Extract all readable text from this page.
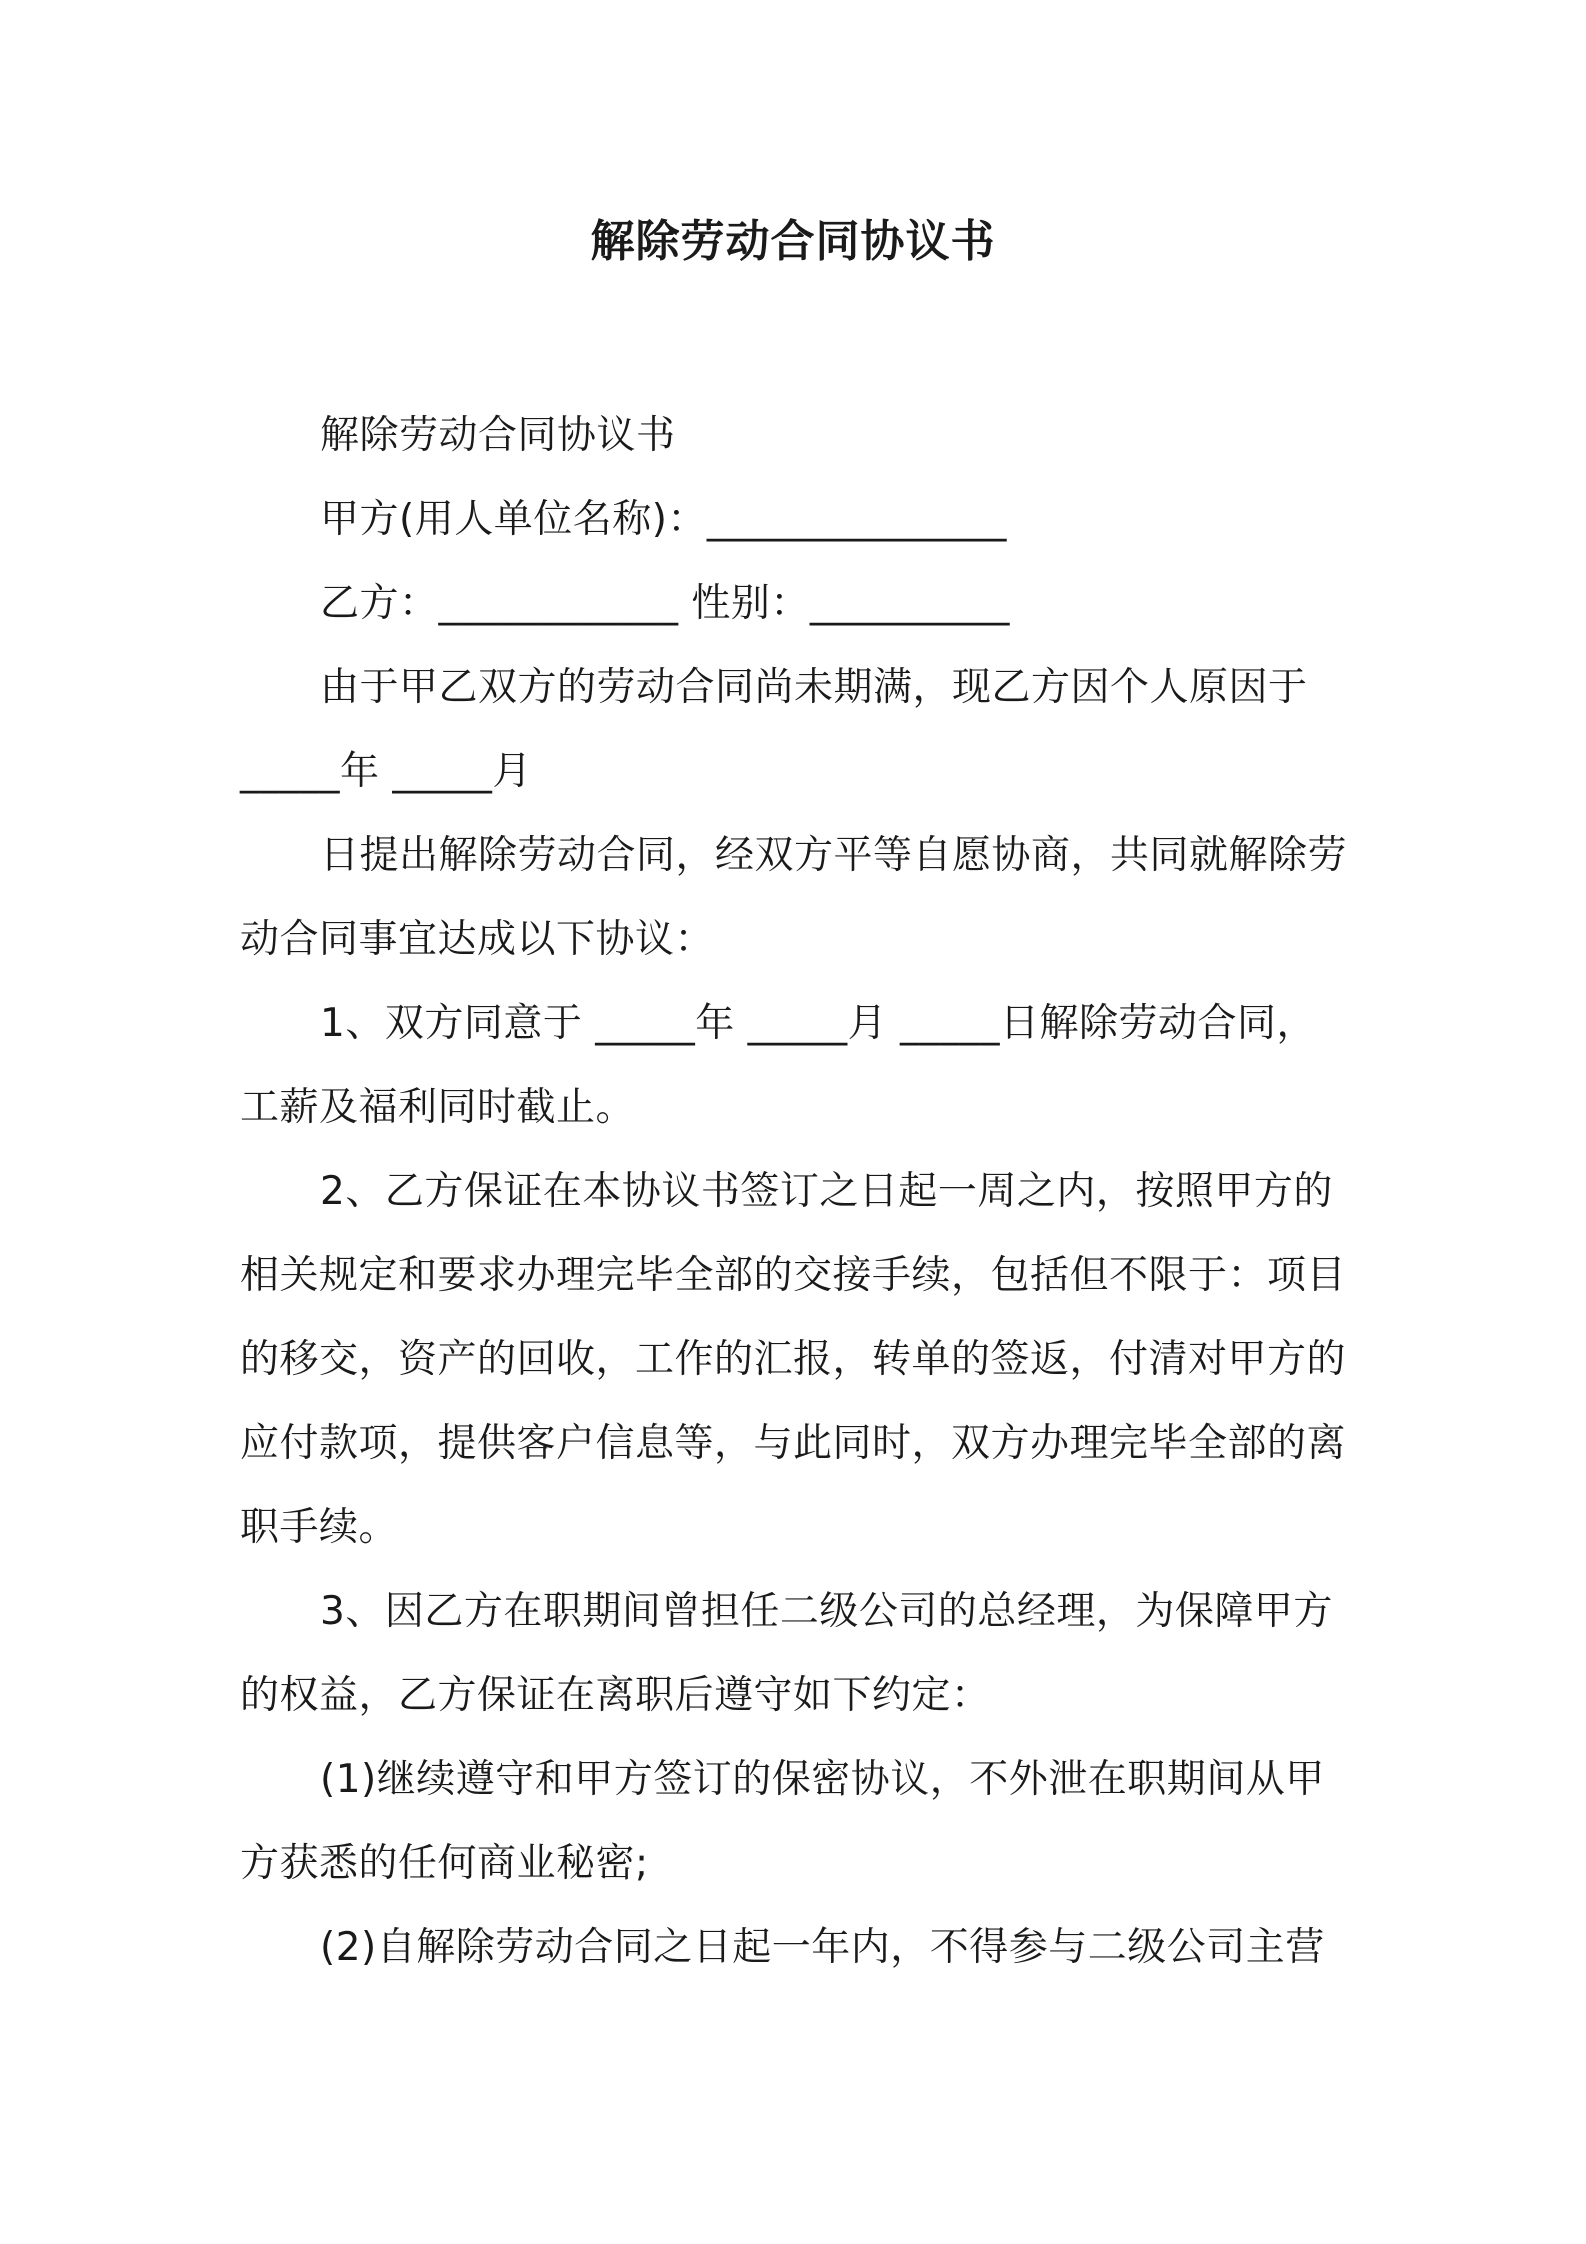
解除劳动合同协议书
解除劳动合同协议书
甲方(用人单位名称)：_______________
乙方：____________ 性别：__________
由于甲乙双方的劳动合同尚未期满，现乙方因个人原因于
_____年 _____月
日提出解除劳动合同，经双方平等自愿协商，共同就解除劳
动合同事宜达成以下协议：
1、双方同意于 _____年 _____月 _____日解除劳动合同，
工薪及福利同时截止。
2、乙方保证在本协议书签订之日起一周之内，按照甲方的
相关规定和要求办理完毕全部的交接手续，包括但不限于：项目
的移交，资产的回收，工作的汇报，转单的签返，付清对甲方的
应付款项，提供客户信息等，与此同时，双方办理完毕全部的离
职手续。
3、因乙方在职期间曾担任二级公司的总经理，为保障甲方
的权益，乙方保证在离职后遵守如下约定：
(1)继续遵守和甲方签订的保密协议，不外泄在职期间从甲
方获悉的任何商业秘密;
(2)自解除劳动合同之日起一年内，不得参与二级公司主营
